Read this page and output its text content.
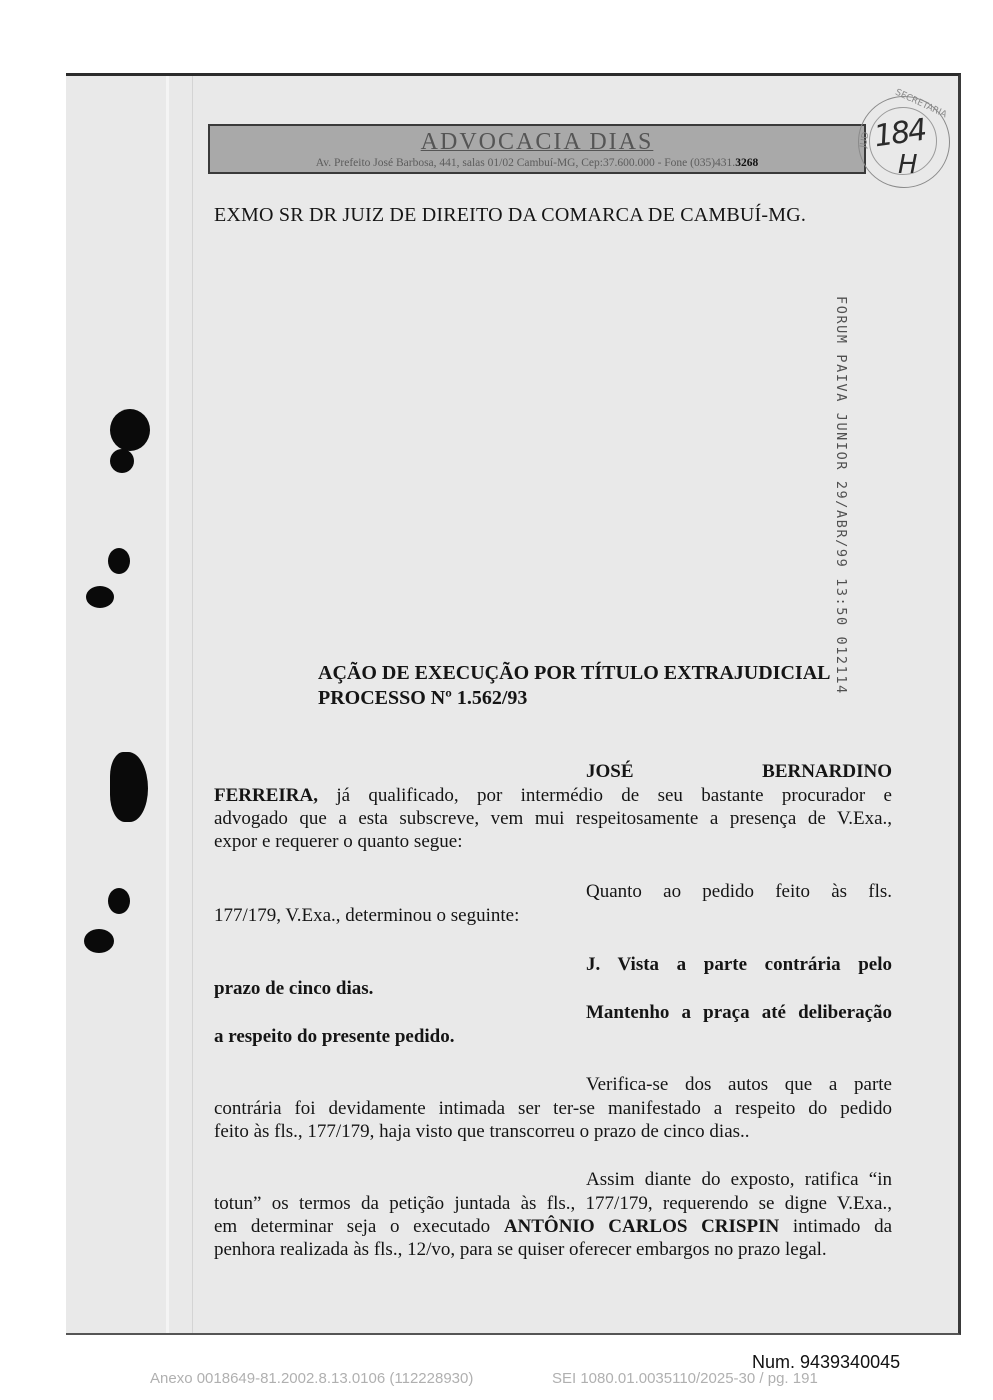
ADVOCACIA DIAS
Av. Prefeito José Barbosa, 441, salas 01/02 Cambuí-MG, Cep:37.600.000 - Fone (035)431.3268
SECRETARIA
JUD 184
H
EXMO SR DR JUIZ DE DIREITO DA COMARCA DE CAMBUÍ-MG.
FORUM PAIVA JUNIOR 29/ABR/99 13:50 012114
AÇÃO DE EXECUÇÃO POR TÍTULO EXTRAJUDICIAL
PROCESSO Nº 1.562/93
JOSÉ	BERNARDINO
FERREIRA, já qualificado, por intermédio de seu bastante procurador e
advogado que a esta subscreve, vem mui respeitosamente a presença de V.Exa.,
expor e requerer o quanto segue:
Quanto ao pedido feito às fls.
177/179, V.Exa., determinou o seguinte:
J. Vista a parte contrária pelo
prazo de cinco dias.
Mantenho a praça até deliberação
a respeito do presente pedido.
Verifica-se dos autos que a parte
contrária foi devidamente intimada ser ter-se manifestado a respeito do pedido
feito às fls., 177/179, haja visto que transcorreu o prazo de cinco dias..
Assim diante do exposto, ratifica “in
totun” os termos da petição juntada às fls., 177/179, requerendo se digne V.Exa.,
em determinar seja o executado ANTÔNIO CARLOS CRISPIN intimado da
penhora realizada às fls., 12/vo, para se quiser oferecer embargos no prazo legal.
Num. 9439340045
Anexo 0018649-81.2002.8.13.0106 (112228930)	SEI 1080.01.0035110/2025-30 / pg. 191
